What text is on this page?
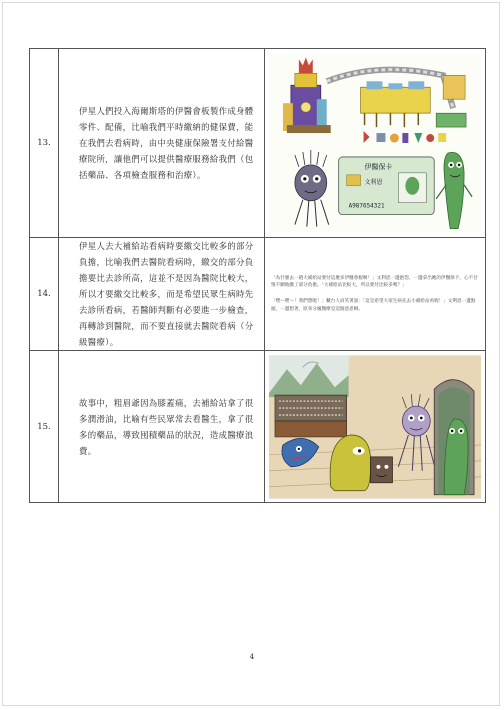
13.	伊星人們投入海爾斯塔的伊醫會板製作成身體零件、配備，比喻我們平時繳納的健保費，能在我們去看病時，由中央健康保險署支付給醫療院所，讓他們可以提供醫療服務給我們（包括藥品、各項檢查服務和治療）。	伊醫保卡
文利恩
A987654321

14.	伊星人去大補給站看病時要繳交比較多的部分負擔，比喻我們去醫院看病時，繳交的部分負擔要比去診所高，這並不是因為醫院比較大，所以才要繳交比較多，而是希望民眾生病時先去診所看病，若醫師判斷有必要進一步檢查，再轉診到醫院，而不要直接就去醫院看病（分級醫療）。	「為什麼去一趟大補給站要付這麼多伊醫會板啊！」文利恩一邊抱怨，一邊拿出她的伊醫保卡，心不甘情不願地繳了部分負擔。「大補給站比較大，所以要付比較多嗎？」

「嘿～嘿～！我們想喔！」櫃台人員笑著說：「這是希望大家生病先去小補給站看喔！」文利恩一邊點頭，一邊想著，原來分級醫療是這個意思啊。

15.	故事中，粗眉爺因為膝蓋痛，去補給站拿了很多潤滑油，比喻有些民眾常去看醫生，拿了很多的藥品，導致囤積藥品的狀況，造成醫療浪費。	
4
